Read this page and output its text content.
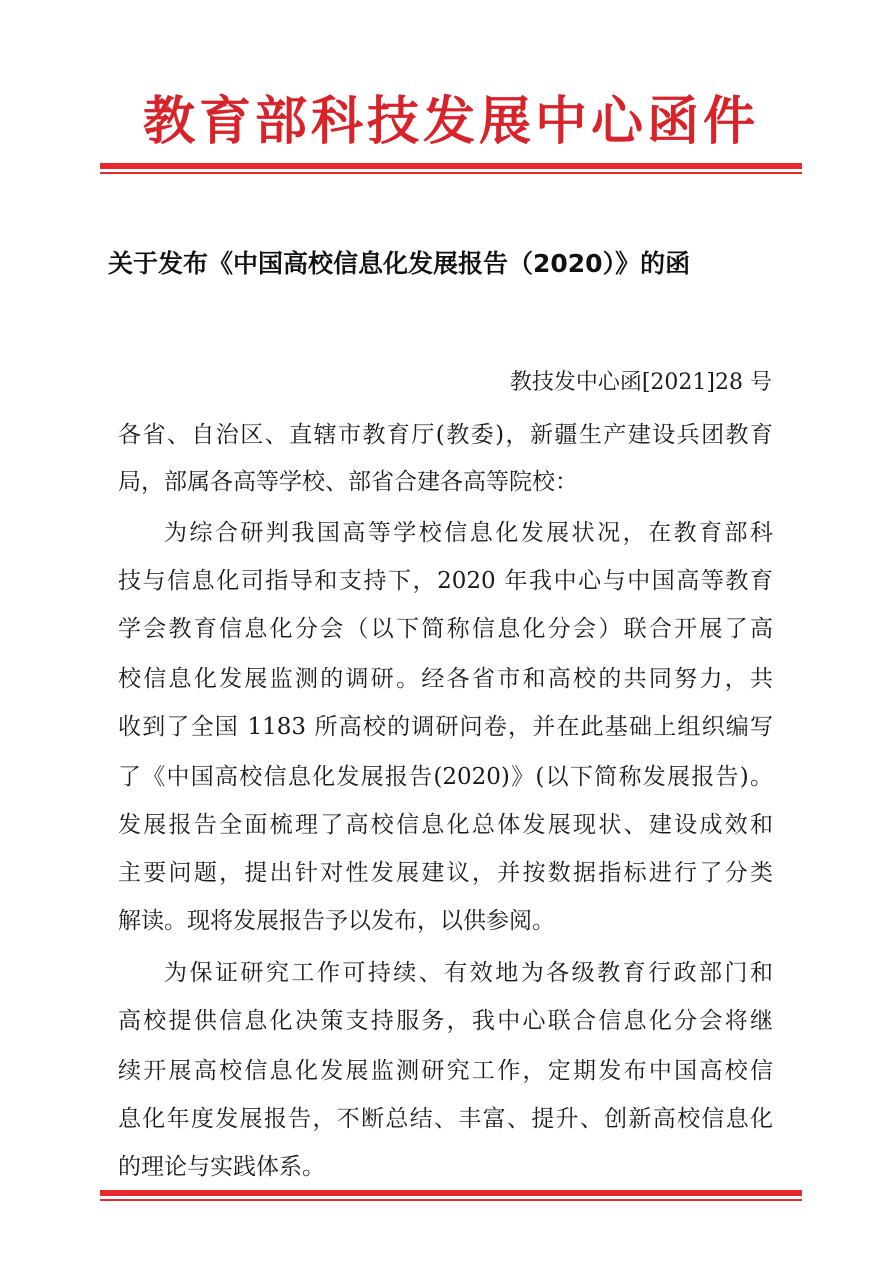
教育部科技发展中心函件
关于发布《中国高校信息化发展报告（2020）》的函
教技发中心函[2021]28 号
各省、自治区、直辖市教育厅(教委)，新疆生产建设兵团教育
局，部属各高等学校、部省合建各高等院校：
为综合研判我国高等学校信息化发展状况，在教育部科
技与信息化司指导和支持下，2020 年我中心与中国高等教育
学会教育信息化分会（以下简称信息化分会）联合开展了高
校信息化发展监测的调研。经各省市和高校的共同努力，共
收到了全国 1183 所高校的调研问卷，并在此基础上组织编写
了《中国高校信息化发展报告(2020)》(以下简称发展报告)。
发展报告全面梳理了高校信息化总体发展现状、建设成效和
主要问题，提出针对性发展建议，并按数据指标进行了分类
解读。现将发展报告予以发布，以供参阅。
为保证研究工作可持续、有效地为各级教育行政部门和
高校提供信息化决策支持服务，我中心联合信息化分会将继
续开展高校信息化发展监测研究工作，定期发布中国高校信
息化年度发展报告，不断总结、丰富、提升、创新高校信息化
的理论与实践体系。
